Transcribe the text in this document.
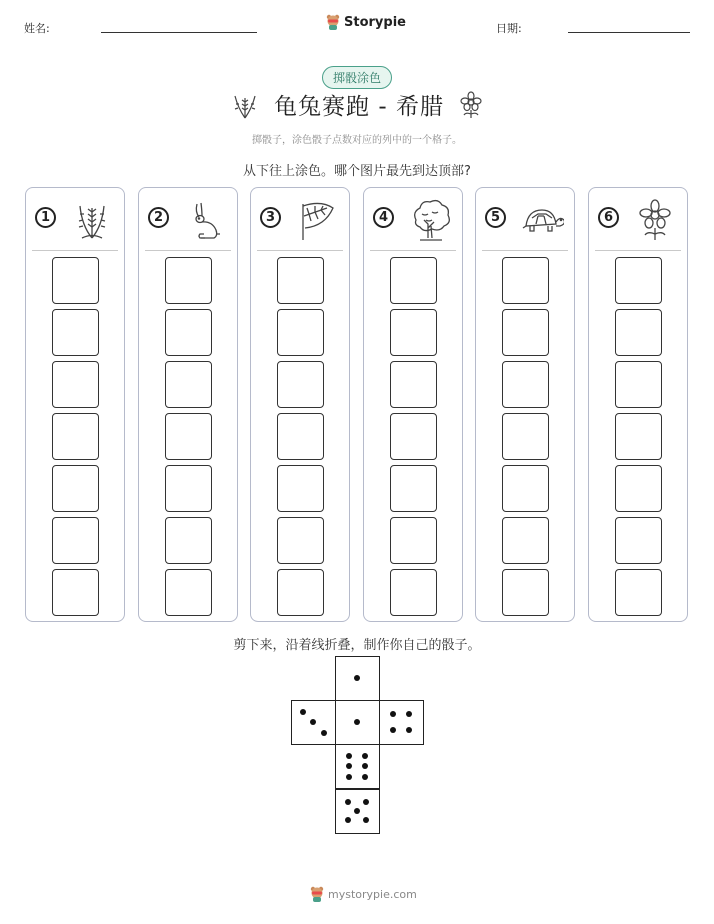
姓名:	Storypie	日期:
掷骰涂色
龟兔赛跑 - 希腊
掷骰子，涂色骰子点数对应的列中的一个格子。
从下往上涂色。哪个图片最先到达顶部?
1	2	3	4	5	6
剪下来，沿着线折叠，制作你自己的骰子。
mystorypie.com
